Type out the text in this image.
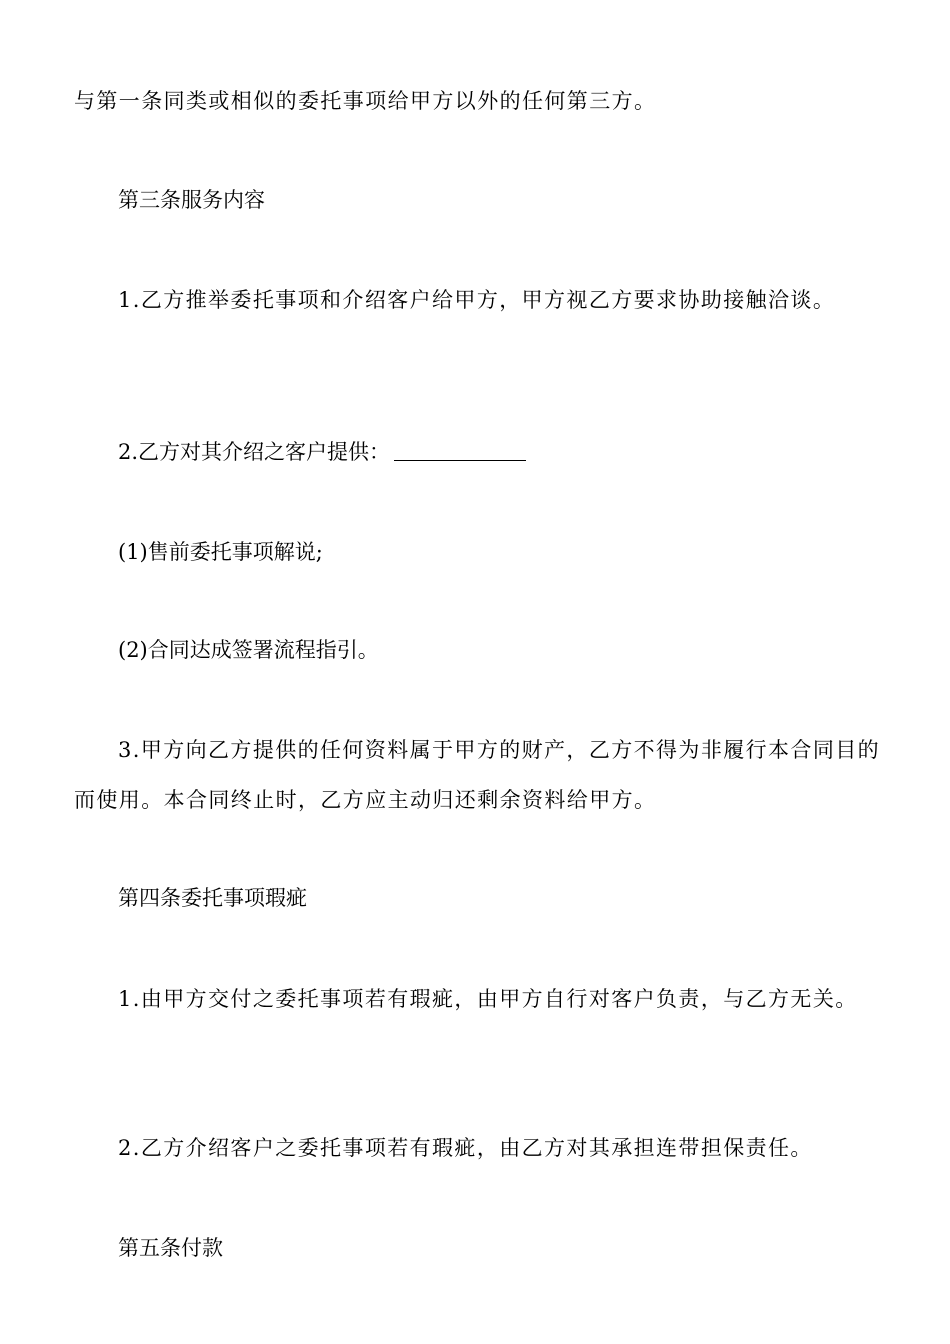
与第一条同类或相似的委托事项给甲方以外的任何第三方。

第三条服务内容

1.乙方推举委托事项和介绍客户给甲方，甲方视乙方要求协助接触洽谈。

2.乙方对其介绍之客户提供：

(1)售前委托事项解说;

(2)合同达成签署流程指引。

3.甲方向乙方提供的任何资料属于甲方的财产，乙方不得为非履行本合同目的

而使用。本合同终止时，乙方应主动归还剩余资料给甲方。

第四条委托事项瑕疵

1.由甲方交付之委托事项若有瑕疵，由甲方自行对客户负责，与乙方无关。

2.乙方介绍客户之委托事项若有瑕疵，由乙方对其承担连带担保责任。

第五条付款
